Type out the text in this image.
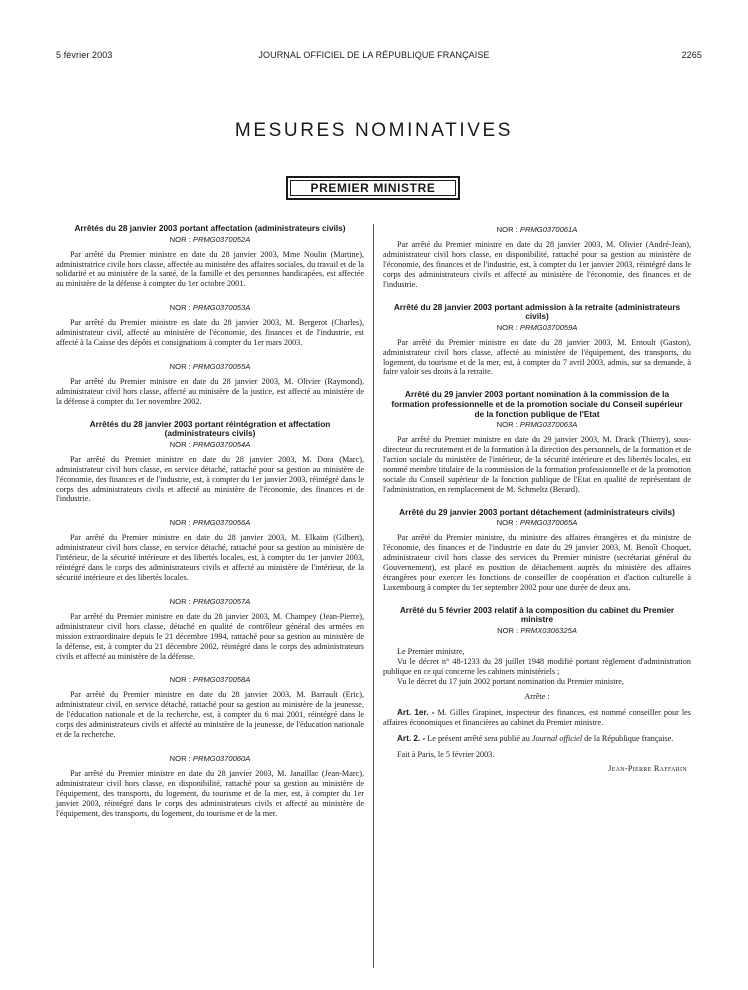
5 février 2003	JOURNAL OFFICIEL DE LA RÉPUBLIQUE FRANÇAISE	2265
MESURES NOMINATIVES
PREMIER MINISTRE
Arrêtés du 28 janvier 2003 portant affectation (administrateurs civils)
NOR : PRMG0370052A

Par arrêté du Premier ministre en date du 28 janvier 2003, Mme Noulin (Martine), administratrice civile hors classe, affectée au ministère des affaires sociales, du travail et de la solidarité et au ministère de la santé, de la famille et des personnes handicapées, est affectée au ministère de la défense à compter du 1er octobre 2001.

NOR : PRMG0370053A

Par arrêté du Premier ministre en date du 28 janvier 2003, M. Bergerot (Charles), administrateur civil, affecté au ministère de l'économie, des finances et de l'industrie, est affecté à la Caisse des dépôts et consignations à compter du 1er mars 2003.

NOR : PRMG0370055A

Par arrêté du Premier ministre en date du 28 janvier 2003, M. Olivier (Raymond), administrateur civil hors classe, affecté au ministère de la justice, est affecté au ministère de la défense à compter du 1er novembre 2002.

Arrêtés du 28 janvier 2003 portant réintégration et affectation (administrateurs civils)
NOR : PRMG0370054A

Par arrêté du Premier ministre en date du 28 janvier 2003, M. Dora (Marc), administrateur civil hors classe, en service détaché, rattaché pour sa gestion au ministère de l'économie, des finances et de l'industrie, est, à compter du 1er janvier 2003, réintégré dans le corps des administrateurs civils et affecté au ministère de l'économie, des finances et de l'industrie.

NOR : PRMG0370056A

Par arrêté du Premier ministre en date du 28 janvier 2003, M. Elkaim (Gilbert), administrateur civil hors classe, en service détaché, rattaché pour sa gestion au ministère de l'intérieur, de la sécurité intérieure et des libertés locales, est, à compter du 1er janvier 2003, réintégré dans le corps des administrateurs civils et affecté au ministère de l'intérieur, de la sécurité intérieure et des libertés locales.

NOR : PRMG0370057A

Par arrêté du Premier ministre en date du 28 janvier 2003, M. Champey (Jean-Pierre), administrateur civil hors classe, détaché en qualité de contrôleur général des armées en mission extraordinaire depuis le 21 décembre 1994, rattaché pour sa gestion au ministère de la défense, est, à compter du 21 décembre 2002, réintégré dans le corps des administrateurs civils et affecté au ministère de la défense.

NOR : PRMG0370058A

Par arrêté du Premier ministre en date du 28 janvier 2003, M. Barrault (Eric), administrateur civil, en service détaché, rattaché pour sa gestion au ministère de la jeunesse, de l'éducation nationale et de la recherche, est, à compter du 6 mai 2001, réintégré dans le corps des administrateurs civils et affecté au ministère de la jeunesse, de l'éducation nationale et de la recherche.

NOR : PRMG0370060A

Par arrêté du Premier ministre en date du 28 janvier 2003, M. Janaillac (Jean-Marc), administrateur civil hors classe, en disponibilité, rattaché pour sa gestion au ministère de l'équipement, des transports, du logement, du tourisme et de la mer, est, à compter du 1er janvier 2003, réintégré dans le corps des administrateurs civils et affecté au ministère de l'équipement, des transports, du logement, du tourisme et de la mer.

NOR : PRMG0370061A

Par arrêté du Premier ministre en date du 28 janvier 2003, M. Olivier (André-Jean), administrateur civil hors classe, en disponibilité, rattaché pour sa gestion au ministère de l'économie, des finances et de l'industrie, est, à compter du 1er janvier 2003, réintégré dans le corps des administrateurs civils et affecté au ministère de l'économie, des finances et de l'industrie.

Arrêté du 28 janvier 2003 portant admission à la retraite (administrateurs civils)
NOR : PRMG0370059A

Par arrêté du Premier ministre en date du 28 janvier 2003, M. Ernoult (Gaston), administrateur civil hors classe, affecté au ministère de l'équipement, des transports, du logement, du tourisme et de la mer, est, à compter du 7 avril 2003, admis, sur sa demande, à faire valoir ses droits à la retraite.

Arrêté du 29 janvier 2003 portant nomination à la commission de la formation professionnelle et de la promotion sociale du Conseil supérieur de la fonction publique de l'Etat
NOR : PRMG0370063A

Par arrêté du Premier ministre en date du 29 janvier 2003, M. Drack (Thierry), sous-directeur du recrutement et de la formation à la direction des personnels, de la formation et de l'action sociale du ministère de l'intérieur, de la sécurité intérieure et des libertés locales, est nommé membre titulaire de la commission de la formation professionnelle et de la promotion sociale du Conseil supérieur de la fonction publique de l'Etat en qualité de représentant de l'administration, en remplacement de M. Schmeltz (Berard).

Arrêté du 29 janvier 2003 portant détachement (administrateurs civils)
NOR : PRMG0370065A

Par arrêté du Premier ministre, du ministre des affaires étrangères et du ministre de l'économie, des finances et de l'industrie en date du 29 janvier 2003, M. Benoît Choquet, administrateur civil hors classe des services du Premier ministre (secrétariat général du Gouvernement), est placé en position de détachement auprès du ministère des affaires étrangères pour exercer les fonctions de conseiller de coopération et d'action culturelle à Luxembourg à compter du 1er septembre 2002 pour une durée de deux ans.

Arrêté du 5 février 2003 relatif à la composition du cabinet du Premier ministre
NOR : PRMX0306325A

Le Premier ministre,

Vu le décret n° 48-1233 du 28 juillet 1948 modifié portant règlement d'administration publique en ce qui concerne les cabinets ministériels ;

Vu le décret du 17 juin 2002 portant nomination du Premier ministre,

Arrête :

Art. 1er. - M. Gilles Grapinet, inspecteur des finances, est nommé conseiller pour les affaires économiques et financières au cabinet du Premier ministre.

Art. 2. - Le présent arrêté sera publié au Journal officiel de la République française.

Fait à Paris, le 5 février 2003.

Jean-Pierre Raffarin
